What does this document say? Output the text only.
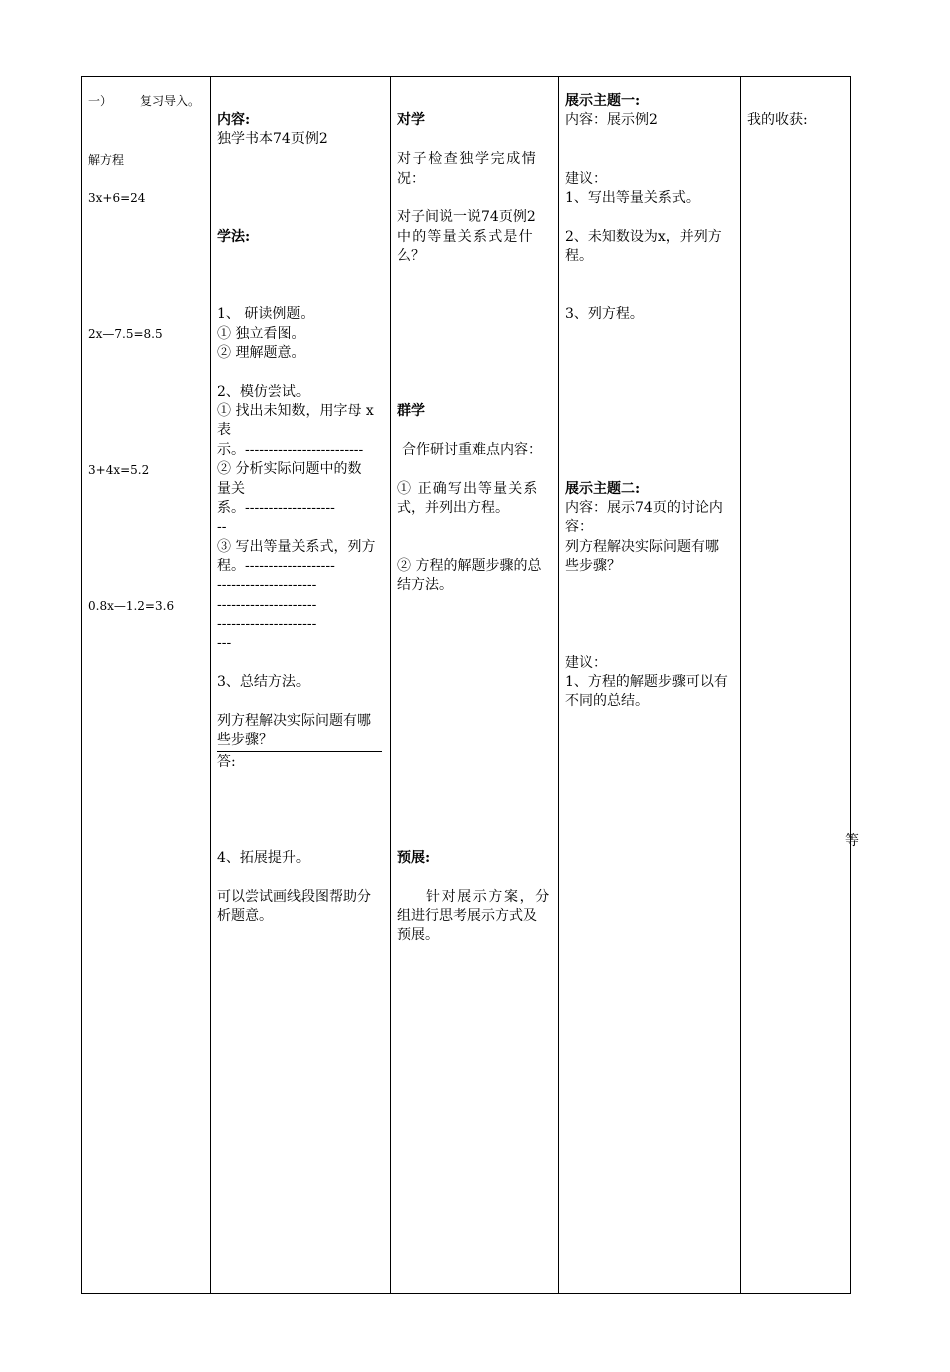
一） 复习导入。
解方程
3x+6=24
2x—7.5=8.5
3+4x=5.2
0.8x—1.2=3.6
内容:
独学书本74页例2
学法:
1、 研读例题。
① 独立看图。
② 理解题意。
2、模仿尝试。
① 找出未知数，用字母 x
表
示。-------------------------
② 分析实际问题中的数
量关
系。-------------------
--
③ 写出等量关系式，列方
程。-------------------
---------------------
---------------------
---------------------
---
3、总结方法。
列方程解决实际问题有哪
些步骤？
答:
4、拓展提升。
可以尝试画线段图帮助分
析题意。
对学
对子检查独学完成情
况：
对子间说一说74页例2
中的等量关系式是什
么？
群学
合作研讨重难点内容：
① 正确写出等量关系
式，并列出方程。
② 方程的解题步骤的总
结方法。
预展:
针对展示方案，分
组进行思考展示方式及
预展。
展示主题一:
内容：展示例2
建议：
1、写出等量关系式。
2、未知数设为x，并列方
程。
3、列方程。
展示主题二:
内容：展示74页的讨论内
容：
列方程解决实际问题有哪
些步骤？
建议：
1、方程的解题步骤可以有
不同的总结。
我的收获:
等
